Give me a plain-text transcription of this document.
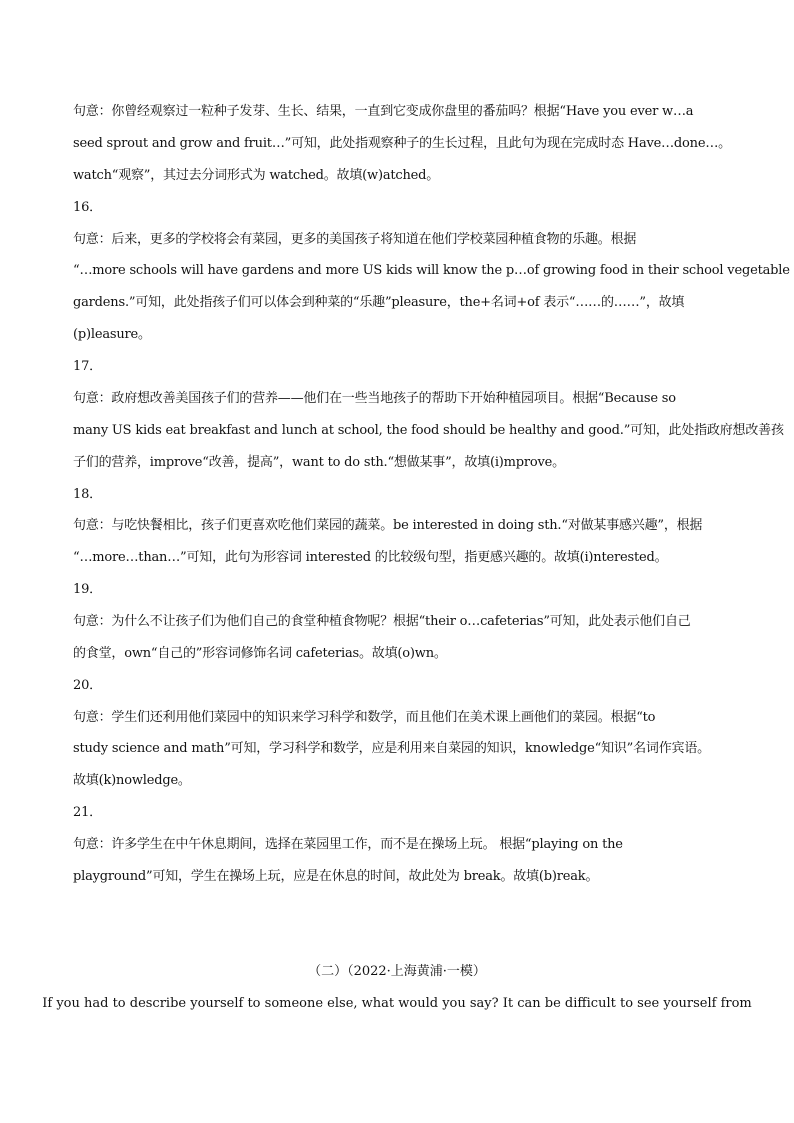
句意：你曾经观察过一粒种子发芽、生长、结果，一直到它变成你盘里的番茄吗？根据“Have you ever w…a
seed sprout and grow and fruit…”可知，此处指观察种子的生长过程，且此句为现在完成时态 Have…done…。
watch“观察”，其过去分词形式为 watched。故填(w)atched。
16．
句意：后来，更多的学校将会有菜园，更多的美国孩子将知道在他们学校菜园种植食物的乐趣。根据
“…more schools will have gardens and more US kids will know the p…of growing food in their school vegetable
gardens.”可知，此处指孩子们可以体会到种菜的“乐趣”pleasure，the+名词+of 表示“……的……”，故填
(p)leasure。
17．
句意：政府想改善美国孩子们的营养——他们在一些当地孩子的帮助下开始种植园项目。根据“Because so
many US kids eat breakfast and lunch at school, the food should be healthy and good.”可知，此处指政府想改善孩
子们的营养，improve“改善，提高”，want to do sth.“想做某事”，故填(i)mprove。
18．
句意：与吃快餐相比，孩子们更喜欢吃他们菜园的蔬菜。be interested in doing sth.“对做某事感兴趣”，根据
“…more…than…”可知，此句为形容词 interested 的比较级句型，指更感兴趣的。故填(i)nterested。
19．
句意：为什么不让孩子们为他们自己的食堂种植食物呢？根据“their o…cafeterias”可知，此处表示他们自己
的食堂，own“自己的”形容词修饰名词 cafeterias。故填(o)wn。
20．
句意：学生们还利用他们菜园中的知识来学习科学和数学，而且他们在美术课上画他们的菜园。根据“to
study science and math”可知，学习科学和数学，应是利用来自菜园的知识，knowledge“知识”名词作宾语。
故填(k)nowledge。
21．
句意：许多学生在中午休息期间，选择在菜园里工作，而不是在操场上玩。 根据“playing on the
playground”可知，学生在操场上玩，应是在休息的时间，故此处为 break。故填(b)reak。
（二）（2022·上海黄浦·一模）
If you had to describe yourself to someone else, what would you say? It can be difficult to see yourself from
